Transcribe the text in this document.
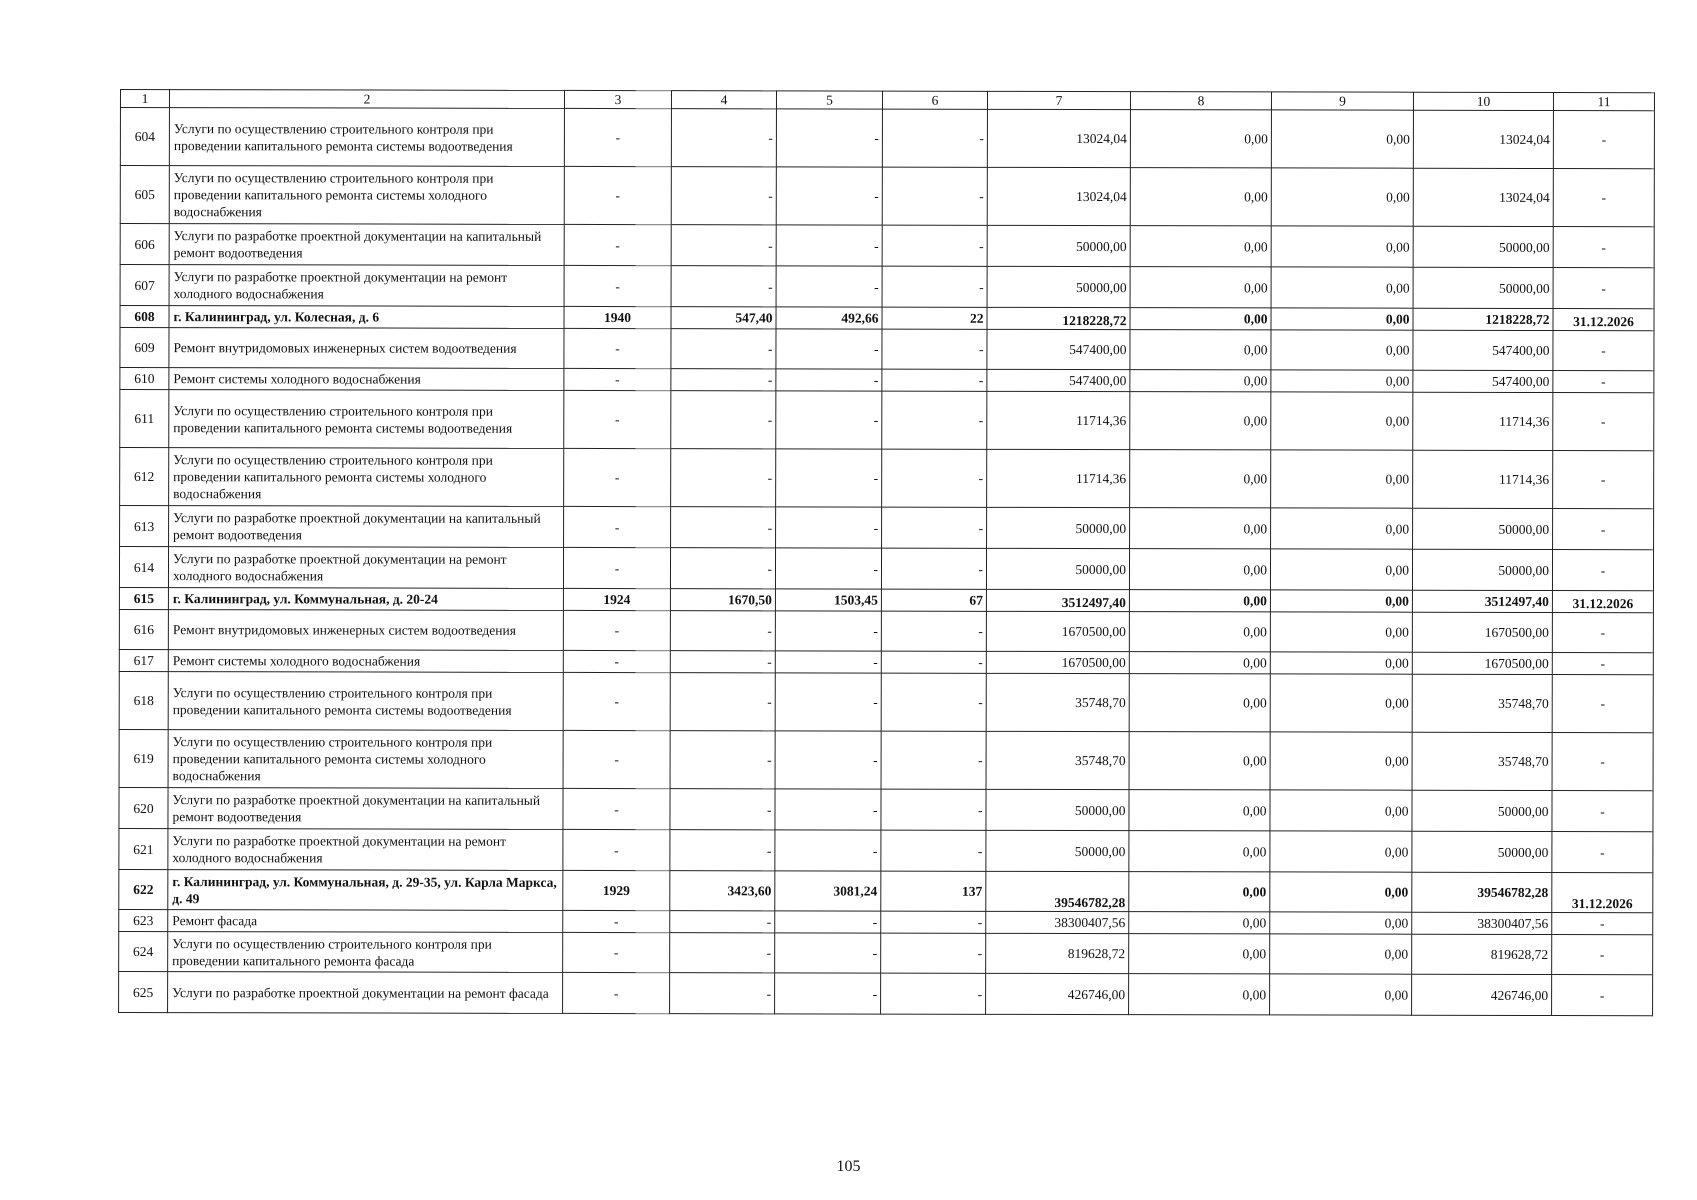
1	2	3	4	5	6	7	8	9	10	11
604	Услуги по осуществлению строительного контроля при проведении капитального ремонта системы водоотведения	-	-	-	-	13024,04	0,00	0,00	13024,04	-
605	Услуги по осуществлению строительного контроля при проведении капитального ремонта системы холодного водоснабжения	-	-	-	-	13024,04	0,00	0,00	13024,04	-
606	Услуги по разработке проектной документации на капитальный ремонт водоотведения	-	-	-	-	50000,00	0,00	0,00	50000,00	-
607	Услуги по разработке проектной документации на ремонт холодного водоснабжения	-	-	-	-	50000,00	0,00	0,00	50000,00	-
608	г. Калининград, ул. Колесная, д. 6	1940	547,40	492,66	22	1218228,72	0,00	0,00	1218228,72	31.12.2026
609	Ремонт внутридомовых инженерных систем водоотведения	-	-	-	-	547400,00	0,00	0,00	547400,00	-
610	Ремонт системы холодного водоснабжения	-	-	-	-	547400,00	0,00	0,00	547400,00	-
611	Услуги по осуществлению строительного контроля при проведении капитального ремонта системы водоотведения	-	-	-	-	11714,36	0,00	0,00	11714,36	-
612	Услуги по осуществлению строительного контроля при проведении капитального ремонта системы холодного водоснабжения	-	-	-	-	11714,36	0,00	0,00	11714,36	-
613	Услуги по разработке проектной документации на капитальный ремонт водоотведения	-	-	-	-	50000,00	0,00	0,00	50000,00	-
614	Услуги по разработке проектной документации на ремонт холодного водоснабжения	-	-	-	-	50000,00	0,00	0,00	50000,00	-
615	г. Калининград, ул. Коммунальная, д. 20-24	1924	1670,50	1503,45	67	3512497,40	0,00	0,00	3512497,40	31.12.2026
616	Ремонт внутридомовых инженерных систем водоотведения	-	-	-	-	1670500,00	0,00	0,00	1670500,00	-
617	Ремонт системы холодного водоснабжения	-	-	-	-	1670500,00	0,00	0,00	1670500,00	-
618	Услуги по осуществлению строительного контроля при проведении капитального ремонта системы водоотведения	-	-	-	-	35748,70	0,00	0,00	35748,70	-
619	Услуги по осуществлению строительного контроля при проведении капитального ремонта системы холодного водоснабжения	-	-	-	-	35748,70	0,00	0,00	35748,70	-
620	Услуги по разработке проектной документации на капитальный ремонт водоотведения	-	-	-	-	50000,00	0,00	0,00	50000,00	-
621	Услуги по разработке проектной документации на ремонт холодного водоснабжения	-	-	-	-	50000,00	0,00	0,00	50000,00	-
622	г. Калининград, ул. Коммунальная, д. 29-35, ул. Карла Маркса, д. 49	1929	3423,60	3081,24	137	39546782,28	0,00	0,00	39546782,28	31.12.2026
623	Ремонт фасада	-	-	-	-	38300407,56	0,00	0,00	38300407,56	-
624	Услуги по осуществлению строительного контроля при проведении капитального ремонта фасада	-	-	-	-	819628,72	0,00	0,00	819628,72	-
625	Услуги по разработке проектной документации на ремонт фасада	-	-	-	-	426746,00	0,00	0,00	426746,00	-
105
